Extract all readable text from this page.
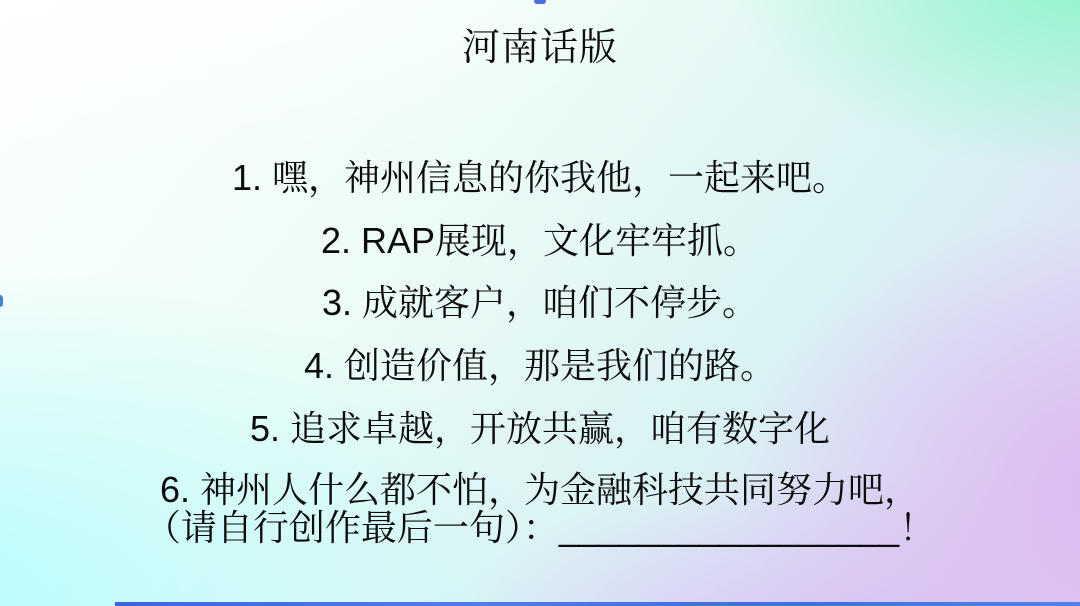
河南话版
1. 嘿，神州信息的你我他，一起来吧。
2. RAP展现，文化牢牢抓。
3. 成就客户，咱们不停步。
4. 创造价值，那是我们的路。
5. 追求卓越，开放共赢，咱有数字化
6. 神州人什么都不怕，为金融科技共同努力吧，
（请自行创作最后一句）：_________________！
